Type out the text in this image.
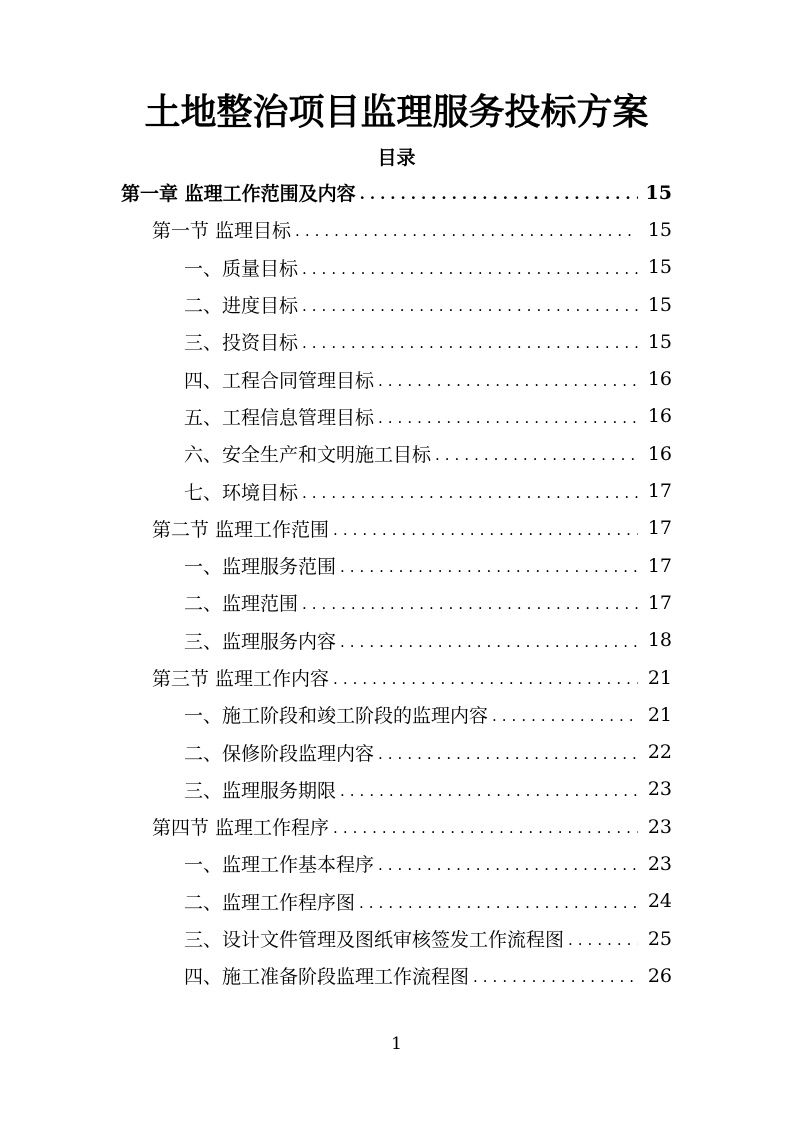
土地整治项目监理服务投标方案
目录
第一章 监理工作范围及内容 .....	15
第一节 监理目标 .....	15
一、质量目标 .....	15
二、进度目标 .....	15
三、投资目标 .....	15
四、工程合同管理目标 .....	16
五、工程信息管理目标 .....	16
六、安全生产和文明施工目标 .....	16
七、环境目标 .....	17
第二节 监理工作范围 .....	17
一、监理服务范围 .....	17
二、监理范围 .....	17
三、监理服务内容 .....	18
第三节 监理工作内容 .....	21
一、施工阶段和竣工阶段的监理内容 .....	21
二、保修阶段监理内容 .....	22
三、监理服务期限 .....	23
第四节 监理工作程序 .....	23
一、监理工作基本程序 .....	23
二、监理工作程序图 .....	24
三、设计文件管理及图纸审核签发工作流程图 .....	25
四、施工准备阶段监理工作流程图 .....	26
1
